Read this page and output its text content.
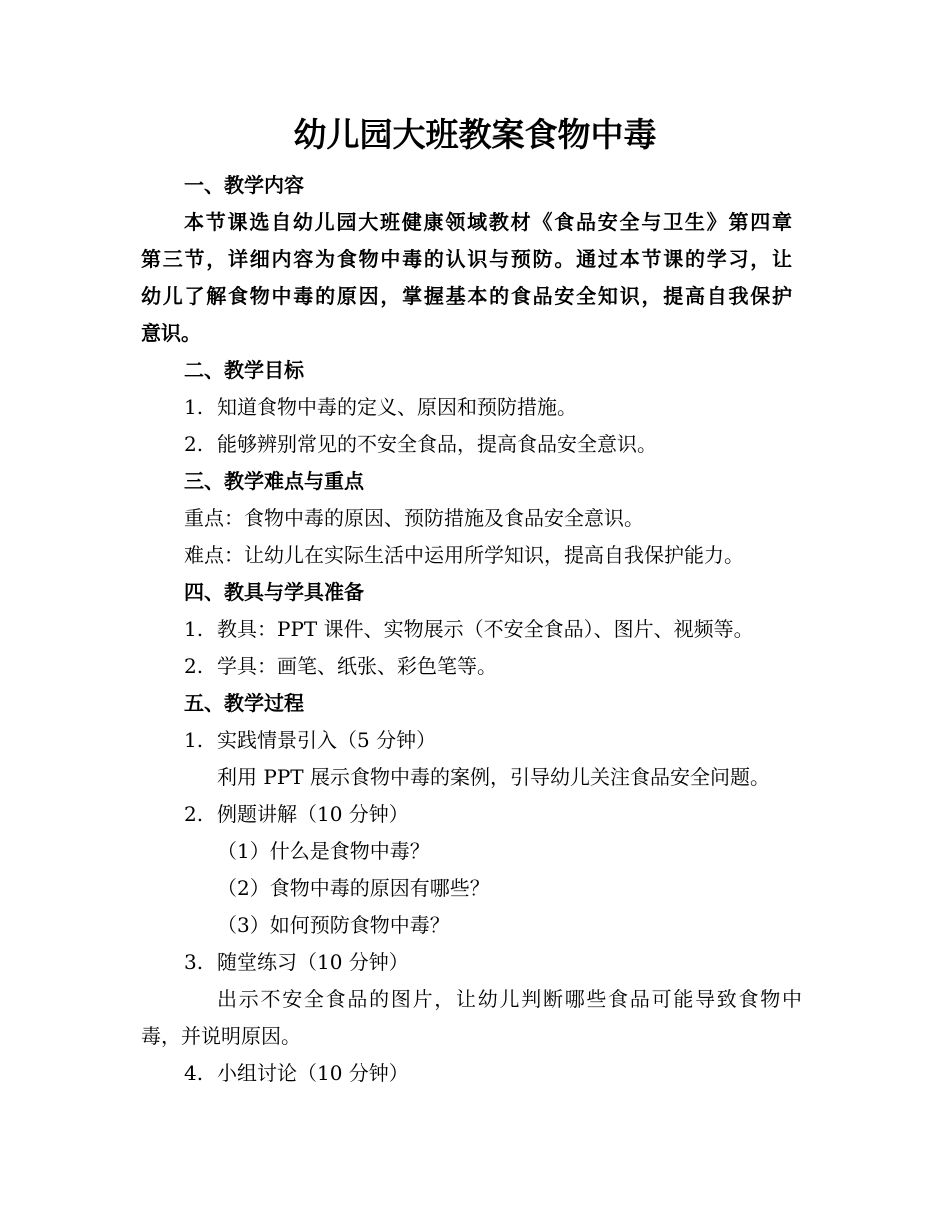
幼儿园大班教案食物中毒
一、教学内容
本节课选自幼儿园大班健康领域教材《食品安全与卫生》第四章
第三节，详细内容为食物中毒的认识与预防。通过本节课的学习，让
幼儿了解食物中毒的原因，掌握基本的食品安全知识，提高自我保护
意识。
二、教学目标
1. 知道食物中毒的定义、原因和预防措施。
2. 能够辨别常见的不安全食品，提高食品安全意识。
三、教学难点与重点
重点：食物中毒的原因、预防措施及食品安全意识。
难点：让幼儿在实际生活中运用所学知识，提高自我保护能力。
四、教具与学具准备
1. 教具：PPT 课件、实物展示（不安全食品）、图片、视频等。
2. 学具：画笔、纸张、彩色笔等。
五、教学过程
1. 实践情景引入（5 分钟）
利用 PPT 展示食物中毒的案例，引导幼儿关注食品安全问题。
2. 例题讲解（10 分钟）
（1）什么是食物中毒？
（2）食物中毒的原因有哪些？
（3）如何预防食物中毒？
3. 随堂练习（10 分钟）
出示不安全食品的图片，让幼儿判断哪些食品可能导致食物中
毒，并说明原因。
4. 小组讨论（10 分钟）
